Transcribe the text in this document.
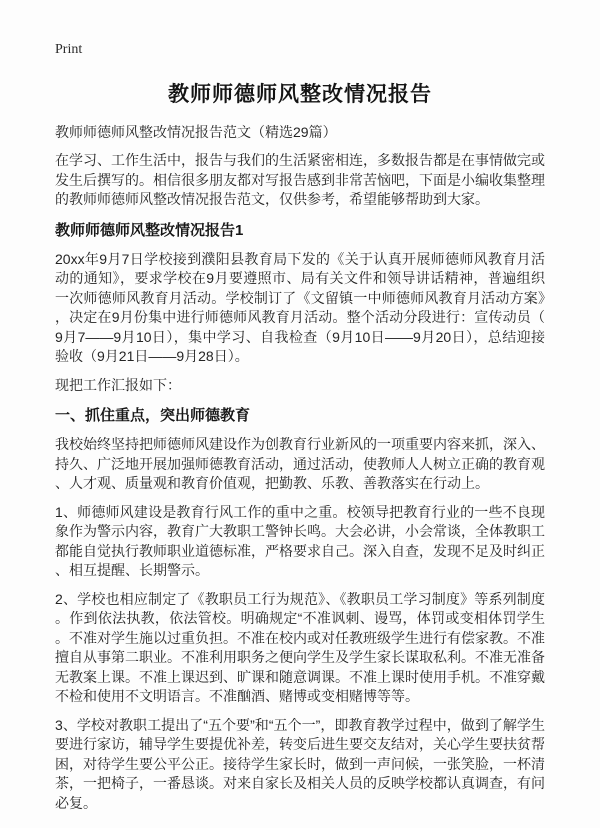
Print
教师师德师风整改情况报告

教师师德师风整改情况报告范文（精选29篇）

在学习、工作生活中，报告与我们的生活紧密相连，多数报告都是在事情做完或发生后撰写的。相信很多朋友都对写报告感到非常苦恼吧，下面是小编收集整理的教师师德师风整改情况报告范文，仅供参考，希望能够帮助到大家。

教师师德师风整改情况报告1

20xx年9月7日学校接到濮阳县教育局下发的《关于认真开展师德师风教育月活动的通知》，要求学校在9月要遵照市、局有关文件和领导讲话精神，普遍组织一次师德师风教育月活动。学校制订了《文留镇一中师德师风教育月活动方案》，决定在9月份集中进行师德师风教育月活动。整个活动分段进行：宣传动员（9月7——9月10日），集中学习、自我检查（9月10日——9月20日），总结迎接验收（9月21日——9月28日）。

现把工作汇报如下：

一、抓住重点，突出师德教育

我校始终坚持把师德师风建设作为创教育行业新风的一项重要内容来抓，深入、持久、广泛地开展加强师德教育活动，通过活动，使教师人人树立正确的教育观、人才观、质量观和教育价值观，把勤教、乐教、善教落实在行动上。

1、师德师风建设是教育行风工作的重中之重。校领导把教育行业的一些不良现象作为警示内容，教育广大教职工警钟长鸣。大会必讲，小会常谈，全体教职工都能自觉执行教师职业道德标准，严格要求自己。深入自查，发现不足及时纠正、相互提醒、长期警示。

2、学校也相应制定了《教职员工行为规范》、《教职员工学习制度》等系列制度。作到依法执教，依法管校。明确规定“不准讽刺、谩骂，体罚或变相体罚学生。不准对学生施以过重负担。不准在校内或对任教班级学生进行有偿家教。不准擅自从事第二职业。不准利用职务之便向学生及学生家长谋取私利。不准无准备无教案上课。不准上课迟到、旷课和随意调课。不准上课时使用手机。不准穿戴不检和使用不文明语言。不准酗酒、赌博或变相赌博等等。

3、学校对教职工提出了“五个要”和“五个一”，即教育教学过程中，做到了解学生要进行家访，辅导学生要提优补差，转变后进生要交友结对，关心学生要扶贫帮困，对待学生要公平公正。接待学生家长时，做到一声问候，一张笑脸，一杯清茶，一把椅子，一番恳谈。对来自家长及相关人员的反映学校都认真调查，有问必复。
